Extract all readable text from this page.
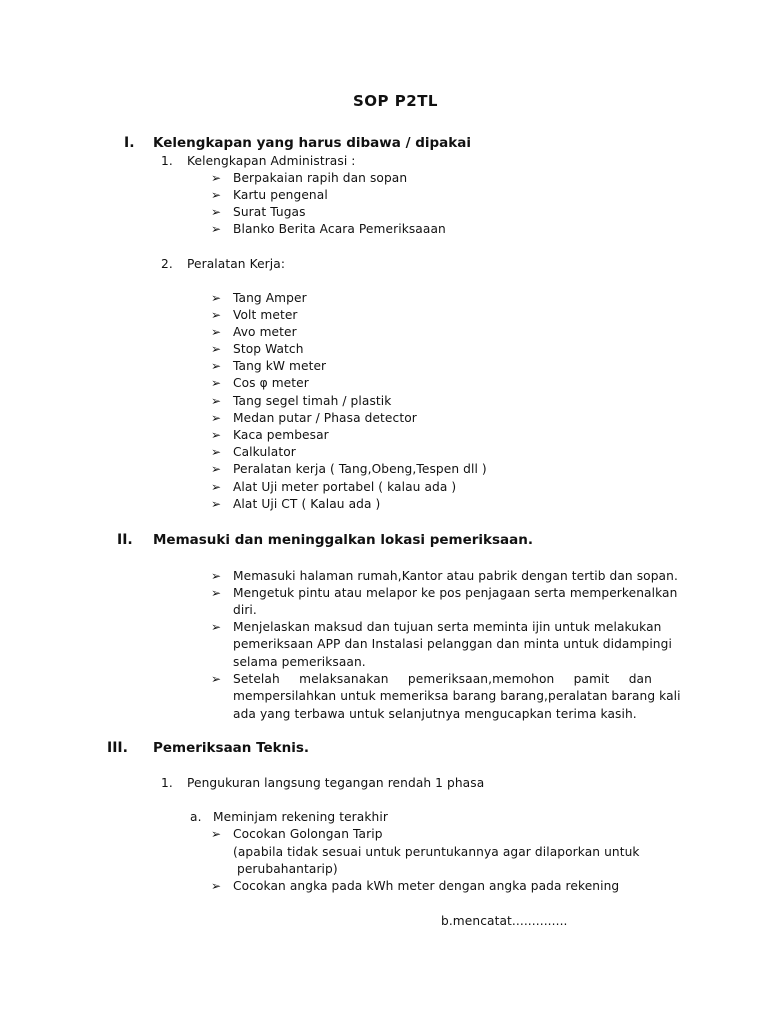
SOP P2TL
I. Kelengkapan yang harus dibawa / dipakai
1. Kelengkapan Administrasi :
➢ Berpakaian rapih dan sopan
➢ Kartu pengenal
➢ Surat Tugas
➢ Blanko Berita Acara Pemeriksaaan
2. Peralatan Kerja:
➢ Tang Amper
➢ Volt meter
➢ Avo meter
➢ Stop Watch
➢ Tang kW meter
➢ Cos φ meter
➢ Tang segel timah / plastik
➢ Medan putar / Phasa detector
➢ Kaca pembesar
➢ Calkulator
➢ Peralatan kerja ( Tang,Obeng,Tespen dll )
➢ Alat Uji meter portabel ( kalau ada )
➢ Alat Uji CT ( Kalau ada )
II. Memasuki dan meninggalkan lokasi pemeriksaan.
➢ Memasuki halaman rumah,Kantor atau pabrik dengan tertib dan sopan.
➢ Mengetuk pintu atau melapor ke pos penjagaan serta memperkenalkan
diri.
➢ Menjelaskan maksud dan tujuan serta meminta ijin untuk melakukan
pemeriksaan APP dan Instalasi pelanggan dan minta untuk didampingi
selama pemeriksaan.
➢ Setelah melaksanakan pemeriksaan,memohon pamit dan
mempersilahkan untuk memeriksa barang barang,peralatan barang kali
ada yang terbawa untuk selanjutnya mengucapkan terima kasih.
III. Pemeriksaan Teknis.
1. Pengukuran langsung tegangan rendah 1 phasa
a. Meminjam rekening terakhir
➢ Cocokan Golongan Tarip
(apabila tidak sesuai untuk peruntukannya agar dilaporkan untuk
perubahantarip)
➢ Cocokan angka pada kWh meter dengan angka pada rekening
b.mencatat..............
